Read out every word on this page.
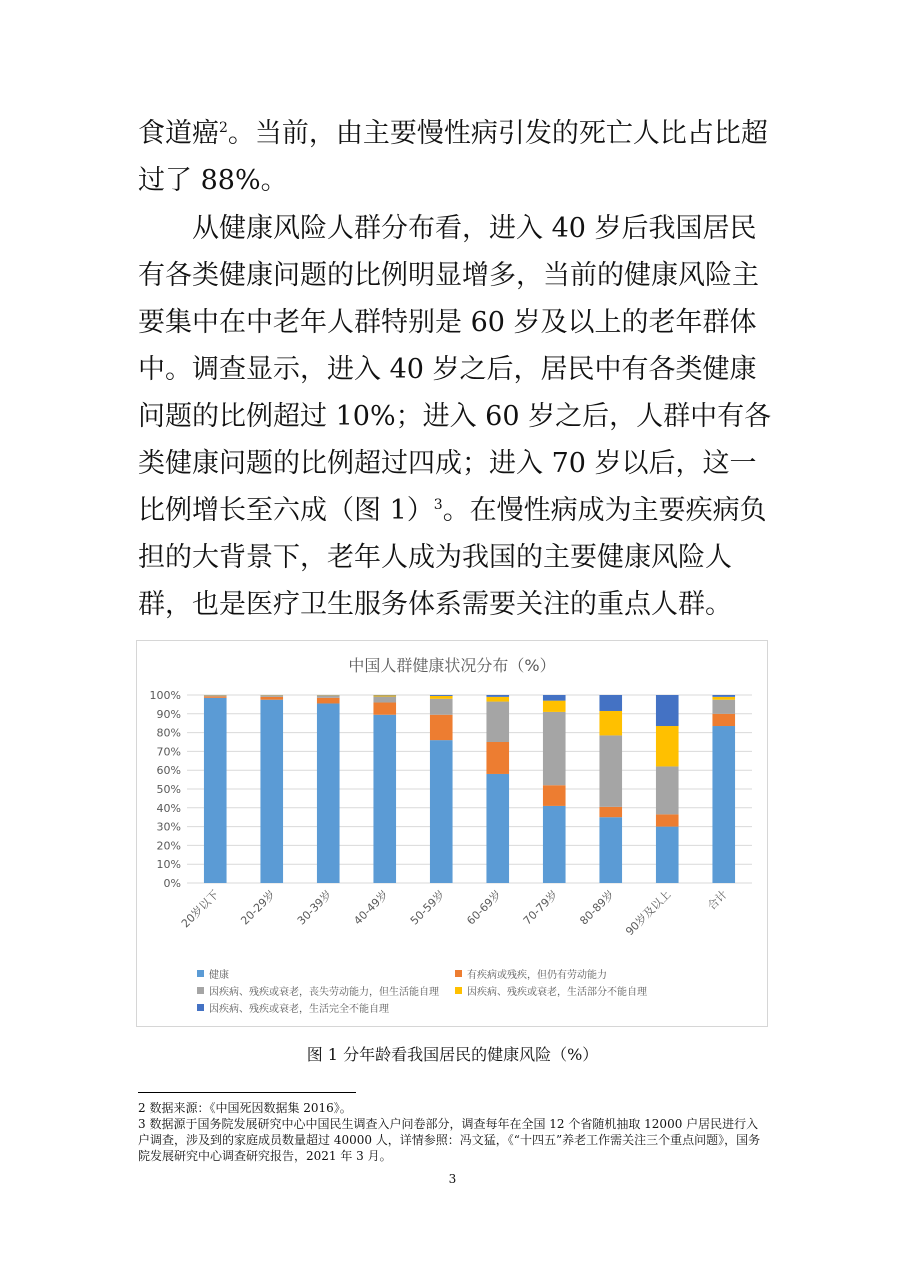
食道癌$^2$。当前，由主要慢性病引发的死亡人比占比超过了 88%。

从健康风险人群分布看，进入 40 岁后我国居民有各类健康问题的比例明显增多，当前的健康风险主要集中在中老年人群特别是 60 岁及以上的老年群体中。调查显示，进入 40 岁之后，居民中有各类健康问题的比例超过 10%；进入 60 岁之后，人群中有各类健康问题的比例超过四成；进入 70 岁以后，这一比例增长至六成（图 1）$^3$。在慢性病成为主要疾病负担的大背景下，老年人成为我国的主要健康风险人群，也是医疗卫生服务体系需要关注的重点人群。

中国人群健康状况分布（%）
0%
10%
20%
30%
40%
50%
60%
70%
80%
90%
100%
20岁以下 20-29岁 30-39岁 40-49岁 50-59岁 60-69岁 70-79岁 80-89岁 90岁及以上	合计
健康	有疾病或残疾，但仍有劳动能力
因疾病、残疾或衰老，丧失劳动能力，但生活能自理	因疾病、残疾或衰老，生活部分不能自理
因疾病、残疾或衰老，生活完全不能自理
图 1 分年龄看我国居民的健康风险（%）

2 数据来源：《中国死因数据集 2016》。

3 数据源于国务院发展研究中心中国民生调查入户问卷部分，调查每年在全国 12 个省随机抽取 12000 户居民进行入户调查，涉及到的家庭成员数量超过 40000 人，详情参照：冯文猛，《“十四五”养老工作需关注三个重点问题》，国务院发展研究中心调查研究报告，2021 年 3 月。

3
